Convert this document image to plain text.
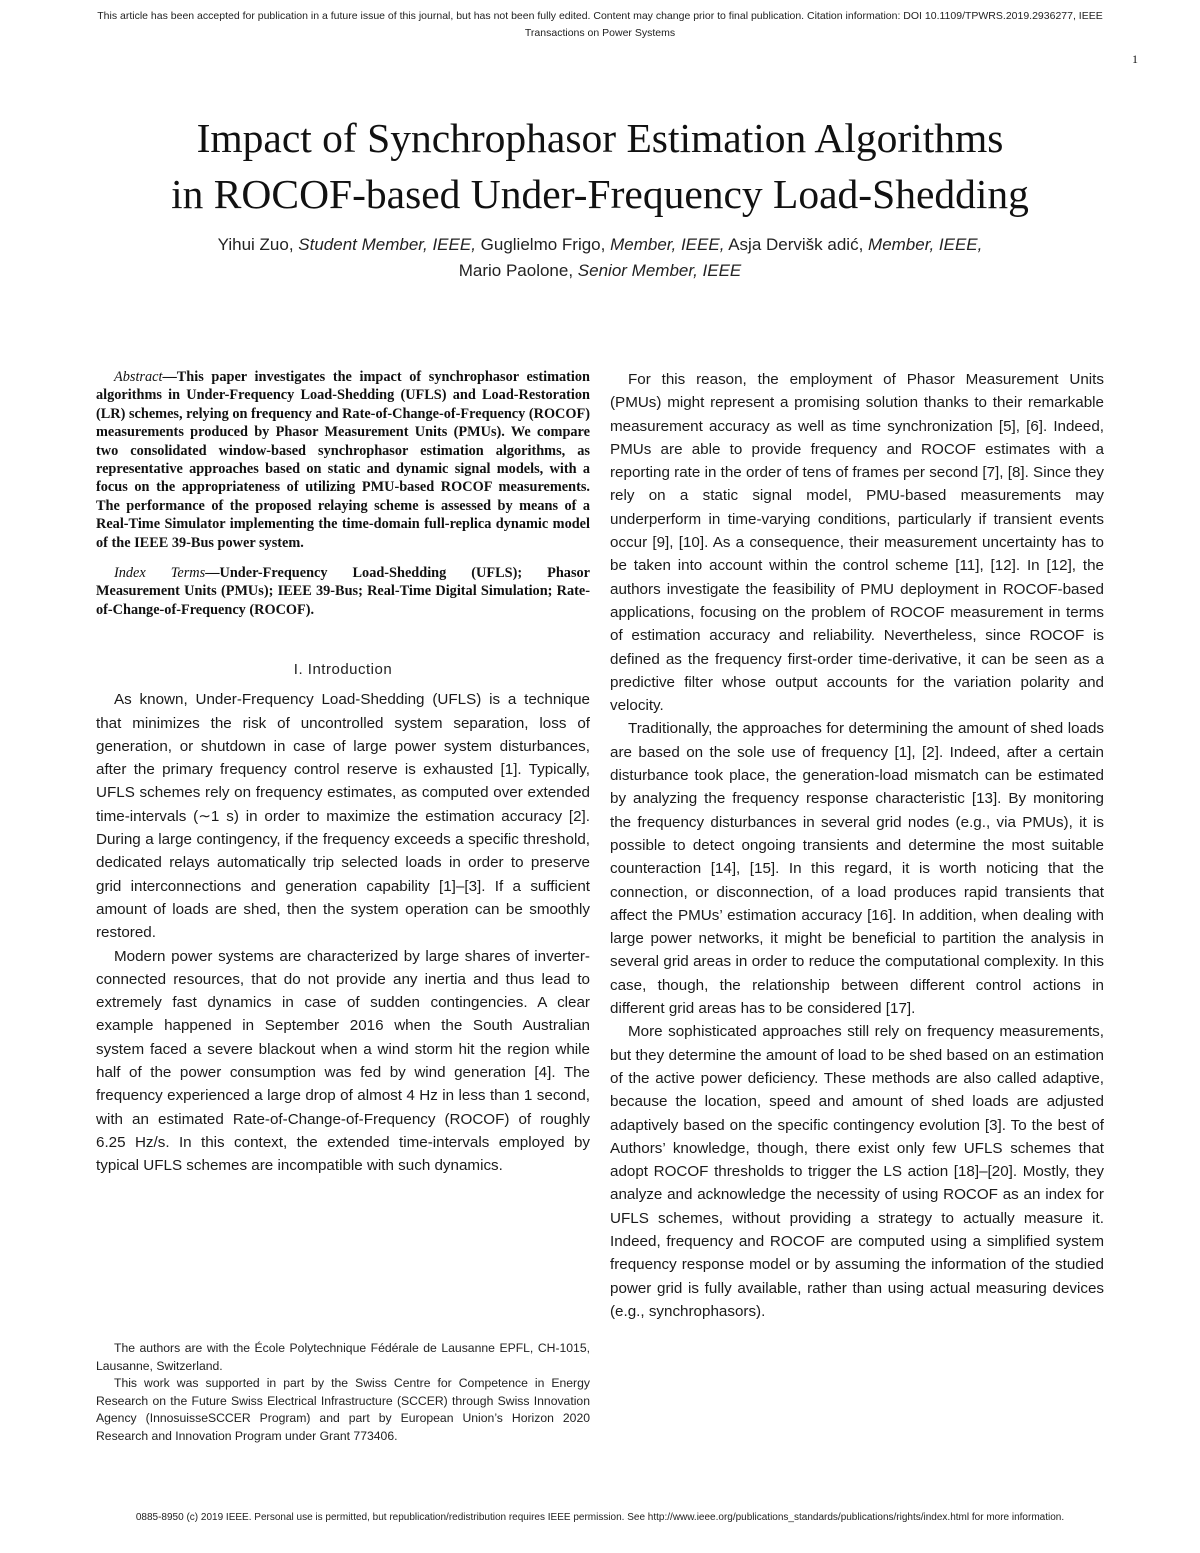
This article has been accepted for publication in a future issue of this journal, but has not been fully edited. Content may change prior to final publication. Citation information: DOI 10.1109/TPWRS.2019.2936277, IEEE
Transactions on Power Systems
1
Impact of Synchrophasor Estimation Algorithms
in ROCOF-based Under-Frequency Load-Shedding
Yihui Zuo, Student Member, IEEE, Guglielmo Frigo, Member, IEEE, Asja Dervišk adić, Member, IEEE,
Mario Paolone, Senior Member, IEEE

Abstract—This paper investigates the impact of synchrophasor estimation algorithms in Under-Frequency Load-Shedding (UFLS) and Load-Restoration (LR) schemes, relying on frequency and Rate-of-Change-of-Frequency (ROCOF) measurements produced by Phasor Measurement Units (PMUs). We compare two consolidated window-based synchrophasor estimation algorithms, as representative approaches based on static and dynamic signal models, with a focus on the appropriateness of utilizing PMU-based ROCOF measurements. The performance of the proposed relaying scheme is assessed by means of a Real-Time Simulator implementing the time-domain full-replica dynamic model of the IEEE 39-Bus power system.

Index Terms—Under-Frequency Load-Shedding (UFLS); Phasor Measurement Units (PMUs); IEEE 39-Bus; Real-Time Digital Simulation; Rate-of-Change-of-Frequency (ROCOF).

I. Introduction

As known, Under-Frequency Load-Shedding (UFLS) is a technique that minimizes the risk of uncontrolled system separation, loss of generation, or shutdown in case of large power system disturbances, after the primary frequency control reserve is exhausted [1]. Typically, UFLS schemes rely on frequency estimates, as computed over extended time-intervals (∼1 s) in order to maximize the estimation accuracy [2]. During a large contingency, if the frequency exceeds a specific threshold, dedicated relays automatically trip selected loads in order to preserve grid interconnections and generation capability [1]–[3]. If a sufficient amount of loads are shed, then the system operation can be smoothly restored.

Modern power systems are characterized by large shares of inverter-connected resources, that do not provide any inertia and thus lead to extremely fast dynamics in case of sudden contingencies. A clear example happened in September 2016 when the South Australian system faced a severe blackout when a wind storm hit the region while half of the power consumption was fed by wind generation [4]. The frequency experienced a large drop of almost 4 Hz in less than 1 second, with an estimated Rate-of-Change-of-Frequency (ROCOF) of roughly 6.25 Hz/s. In this context, the extended time-intervals employed by typical UFLS schemes are incompatible with such dynamics.

For this reason, the employment of Phasor Measurement Units (PMUs) might represent a promising solution thanks to their remarkable measurement accuracy as well as time synchronization [5], [6]. Indeed, PMUs are able to provide frequency and ROCOF estimates with a reporting rate in the order of tens of frames per second [7], [8]. Since they rely on a static signal model, PMU-based measurements may underperform in time-varying conditions, particularly if transient events occur [9], [10]. As a consequence, their measurement uncertainty has to be taken into account within the control scheme [11], [12]. In [12], the authors investigate the feasibility of PMU deployment in ROCOF-based applications, focusing on the problem of ROCOF measurement in terms of estimation accuracy and reliability. Nevertheless, since ROCOF is defined as the frequency first-order time-derivative, it can be seen as a predictive filter whose output accounts for the variation polarity and velocity.

Traditionally, the approaches for determining the amount of shed loads are based on the sole use of frequency [1], [2]. Indeed, after a certain disturbance took place, the generation-load mismatch can be estimated by analyzing the frequency response characteristic [13]. By monitoring the frequency disturbances in several grid nodes (e.g., via PMUs), it is possible to detect ongoing transients and determine the most suitable counteraction [14], [15]. In this regard, it is worth noticing that the connection, or disconnection, of a load produces rapid transients that affect the PMUs’ estimation accuracy [16]. In addition, when dealing with large power networks, it might be beneficial to partition the analysis in several grid areas in order to reduce the computational complexity. In this case, though, the relationship between different control actions in different grid areas has to be considered [17].

More sophisticated approaches still rely on frequency measurements, but they determine the amount of load to be shed based on an estimation of the active power deficiency. These methods are also called adaptive, because the location, speed and amount of shed loads are adjusted adaptively based on the specific contingency evolution [3]. To the best of Authors’ knowledge, though, there exist only few UFLS schemes that adopt ROCOF thresholds to trigger the LS action [18]–[20]. Mostly, they analyze and acknowledge the necessity of using ROCOF as an index for UFLS schemes, without providing a strategy to actually measure it. Indeed, frequency and ROCOF are computed using a simplified system frequency response model or by assuming the information of the studied power grid is fully available, rather than using actual measuring devices (e.g., synchrophasors).

The authors are with the École Polytechnique Fédérale de Lausanne EPFL, CH-1015, Lausanne, Switzerland.

This work was supported in part by the Swiss Centre for Competence in Energy Research on the Future Swiss Electrical Infrastructure (SCCER) through Swiss Innovation Agency (InnosuisseSCCER Program) and part by European Union’s Horizon 2020 Research and Innovation Program under Grant 773406.

0885-8950 (c) 2019 IEEE. Personal use is permitted, but republication/redistribution requires IEEE permission. See http://www.ieee.org/publications_standards/publications/rights/index.html for more information.
